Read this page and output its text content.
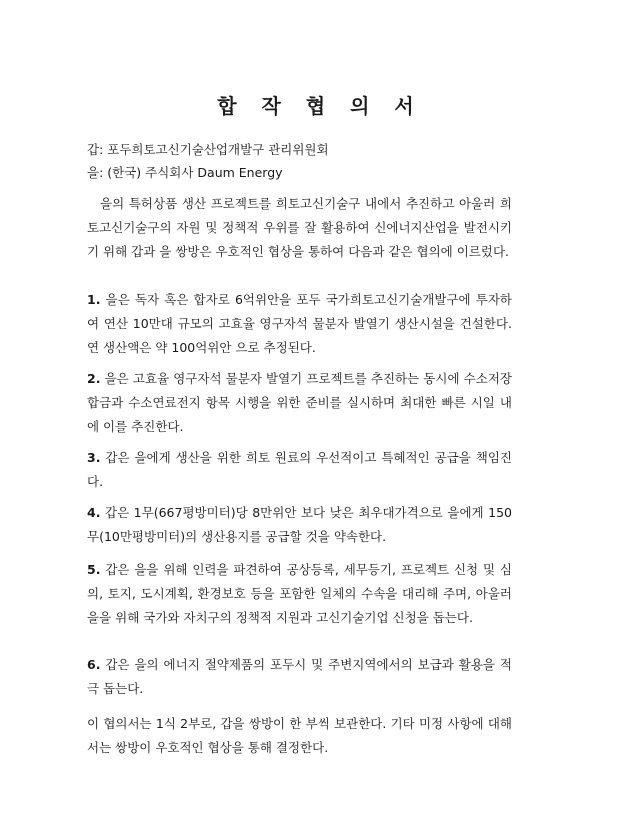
합 작 협 의 서
갑: 포두희토고신기술산업개발구 관리위원회
을: (한국) 주식회사 Daum Energy

을의 특허상품 생산 프로젝트를 희토고신기술구 내에서 추진하고 아울러 희토고신기술구의 자원 및 정책적 우위를 잘 활용하여 신에너지산업을 발전시키기 위해 갑과 을 쌍방은 우호적인 협상을 통하여 다음과 같은 협의에 이르렀다.

1. 을은 독자 혹은 합자로 6억위안을 포두 국가희토고신기술개발구에 투자하여 연산 10만대 규모의 고효율 영구자석 물분자 발열기 생산시설을 건설한다. 연 생산액은 약 100억위안 으로 추정된다.

2. 을은 고효율 영구자석 물분자 발열기 프로젝트를 추진하는 동시에 수소저장합금과 수소연료전지 항목 시행을 위한 준비를 실시하며 최대한 빠른 시일 내에 이를 추진한다.

3. 갑은 을에게 생산을 위한 희토 원료의 우선적이고 특혜적인 공급을 책임진다.

4. 갑은 1무(667평방미터)당 8만위안 보다 낮은 최우대가격으로 을에게 150무(10만평방미터)의 생산용지를 공급할 것을 약속한다.

5. 갑은 을을 위해 인력을 파견하여 공상등록, 세무등기, 프로젝트 신청 및 심의, 토지, 도시계획, 환경보호 등을 포함한 일체의 수속을 대리해 주며, 아울러 을을 위해 국가와 자치구의 정책적 지원과 고신기술기업 신청을 돕는다.

6. 갑은 을의 에너지 절약제품의 포두시 및 주변지역에서의 보급과 활용을 적극 돕는다.

이 협의서는 1식 2부로, 갑을 쌍방이 한 부씩 보관한다. 기타 미정 사항에 대해서는 쌍방이 우호적인 협상을 통해 결정한다.
